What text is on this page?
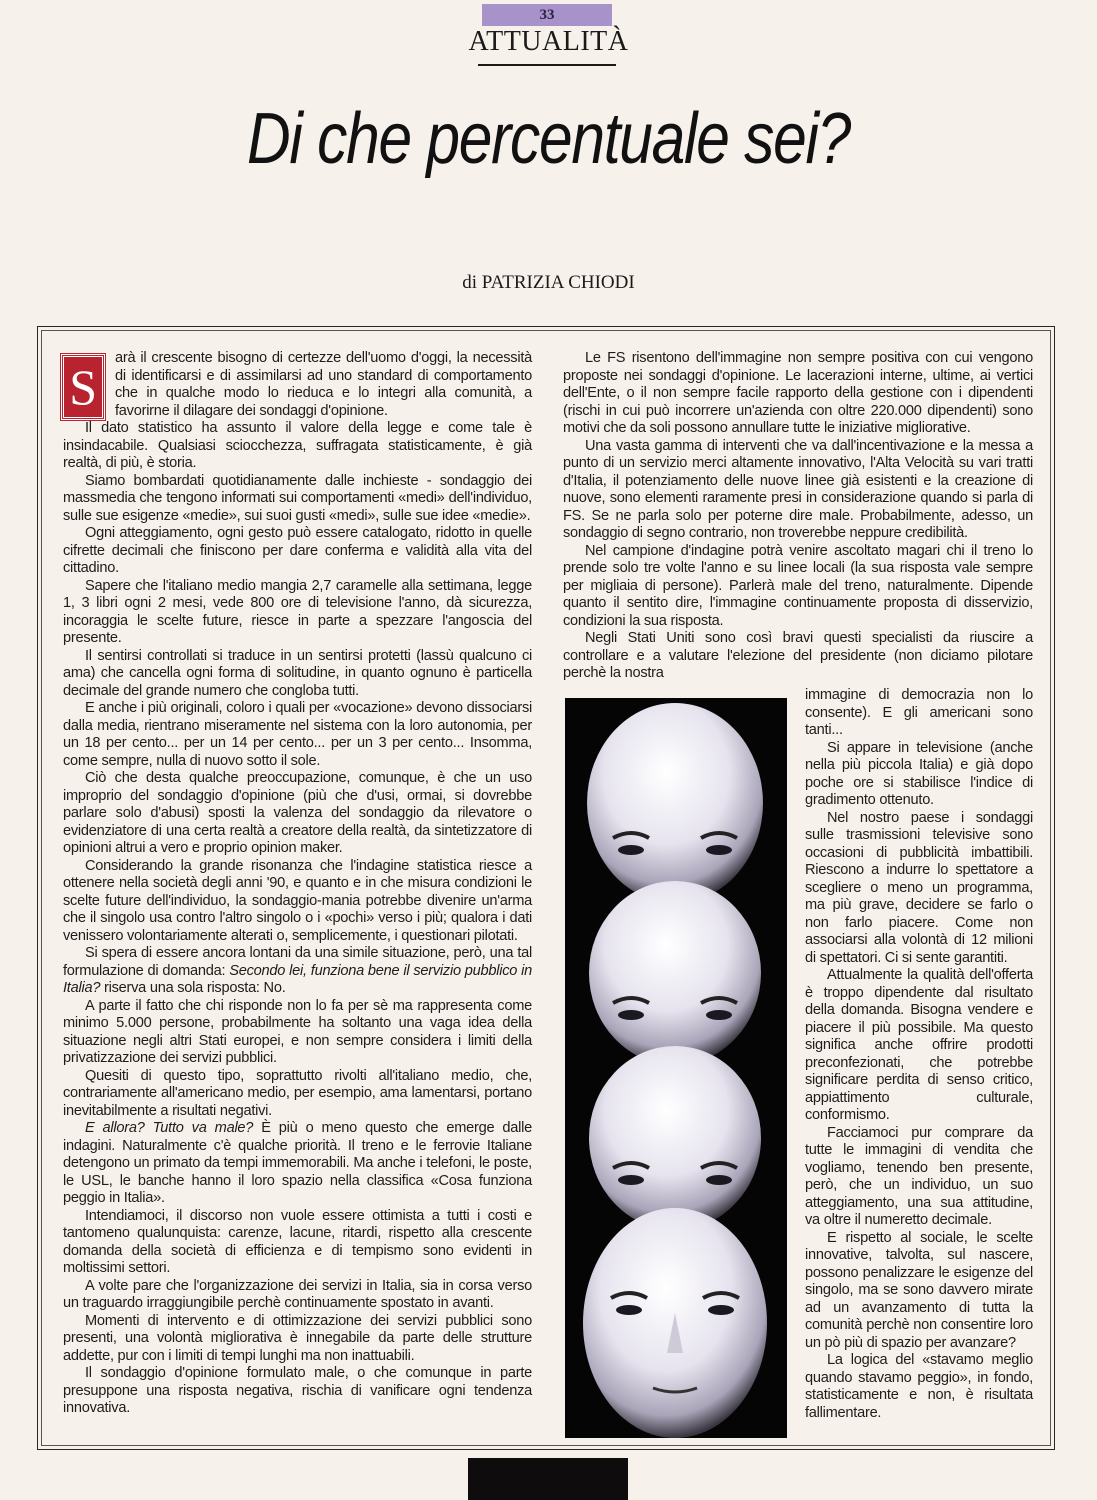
33
ATTUALITÀ
Di che percentuale sei?
di PATRIZIA CHIODI

S
arà il crescente bisogno di certezze dell'uomo d'oggi, la necessità di identificarsi e di assimilarsi ad uno standard di comportamento che in qualche modo lo rieduca e lo integri alla comunità, a favorirne il dilagare dei sondaggi d'opinione.

Il dato statistico ha assunto il valore della legge e come tale è insindacabile. Qualsiasi sciocchezza, suffragata statisticamente, è già realtà, di più, è storia.

Siamo bombardati quotidianamente dalle inchieste - sondaggio dei massmedia che tengono informati sui comportamenti «medi» dell'individuo, sulle sue esigenze «medie», sui suoi gusti «medi», sulle sue idee «medie».

Ogni atteggiamento, ogni gesto può essere catalogato, ridotto in quelle cifrette decimali che finiscono per dare conferma e validità alla vita del cittadino.

Sapere che l'italiano medio mangia 2,7 caramelle alla settimana, legge 1, 3 libri ogni 2 mesi, vede 800 ore di televisione l'anno, dà sicurezza, incoraggia le scelte future, riesce in parte a spezzare l'angoscia del presente.

Il sentirsi controllati si traduce in un sentirsi protetti (lassù qualcuno ci ama) che cancella ogni forma di solitudine, in quanto ognuno è particella decimale del grande numero che congloba tutti.

E anche i più originali, coloro i quali per «vocazione» devono dissociarsi dalla media, rientrano miseramente nel sistema con la loro autonomia, per un 18 per cento... per un 14 per cento... per un 3 per cento... Insomma, come sempre, nulla di nuovo sotto il sole.

Ciò che desta qualche preoccupazione, comunque, è che un uso improprio del sondaggio d'opinione (più che d'usi, ormai, si dovrebbe parlare solo d'abusi) sposti la valenza del sondaggio da rilevatore o evidenziatore di una certa realtà a creatore della realtà, da sintetizzatore di opinioni altrui a vero e proprio opinion maker.

Considerando la grande risonanza che l'indagine statistica riesce a ottenere nella società degli anni '90, e quanto e in che misura condizioni le scelte future dell'individuo, la sondaggio-mania potrebbe divenire un'arma che il singolo usa contro l'altro singolo o i «pochi» verso i più; qualora i dati venissero volontariamente alterati o, semplicemente, i questionari pilotati.

Si spera di essere ancora lontani da una simile situazione, però, una tal formulazione di domanda: Secondo lei, funziona bene il servizio pubblico in Italia? riserva una sola risposta: No.

A parte il fatto che chi risponde non lo fa per sè ma rappresenta come minimo 5.000 persone, probabilmente ha soltanto una vaga idea della situazione negli altri Stati europei, e non sempre considera i limiti della privatizzazione dei servizi pubblici.

Quesiti di questo tipo, soprattutto rivolti all'italiano medio, che, contrariamente all'americano medio, per esempio, ama lamentarsi, portano inevitabilmente a risultati negativi.

E allora? Tutto va male? È più o meno questo che emerge dalle indagini. Naturalmente c'è qualche priorità. Il treno e le ferrovie Italiane detengono un primato da tempi immemorabili. Ma anche i telefoni, le poste, le USL, le banche hanno il loro spazio nella classifica «Cosa funziona peggio in Italia».

Intendiamoci, il discorso non vuole essere ottimista a tutti i costi e tantomeno qualunquista: carenze, lacune, ritardi, rispetto alla crescente domanda della società di efficienza e di tempismo sono evidenti in moltissimi settori.

A volte pare che l'organizzazione dei servizi in Italia, sia in corsa verso un traguardo irraggiungibile perchè continuamente spostato in avanti.

Momenti di intervento e di ottimizzazione dei servizi pubblici sono presenti, una volontà migliorativa è innegabile da parte delle strutture addette, pur con i limiti di tempi lunghi ma non inattuabili.

Il sondaggio d'opinione formulato male, o che comunque in parte presuppone una risposta negativa, rischia di vanificare ogni tendenza innovativa.

Le FS risentono dell'immagine non sempre positiva con cui vengono proposte nei sondaggi d'opinione. Le lacerazioni interne, ultime, ai vertici dell'Ente, o il non sempre facile rapporto della gestione con i dipendenti (rischi in cui può incorrere un'azienda con oltre 220.000 dipendenti) sono motivi che da soli possono annullare tutte le iniziative migliorative.

Una vasta gamma di interventi che va dall'incentivazione e la messa a punto di un servizio merci altamente innovativo, l'Alta Velocità su vari tratti d'Italia, il potenziamento delle nuove linee già esistenti e la creazione di nuove, sono elementi raramente presi in considerazione quando si parla di FS. Se ne parla solo per poterne dire male. Probabilmente, adesso, un sondaggio di segno contrario, non troverebbe neppure credibilità.

Nel campione d'indagine potrà venire ascoltato magari chi il treno lo prende solo tre volte l'anno e su linee locali (la sua risposta vale sempre per migliaia di persone). Parlerà male del treno, naturalmente. Dipende quanto il sentito dire, l'immagine continuamente proposta di disservizio, condizioni la sua risposta.

Negli Stati Uniti sono così bravi questi specialisti da riuscire a controllare e a valutare l'elezione del presidente (non diciamo pilotare perchè la nostra

immagine di democrazia non lo consente). E gli americani sono tanti...

Si appare in televisione (anche nella più piccola Italia) e già dopo poche ore si stabilisce l'indice di gradimento ottenuto.

Nel nostro paese i sondaggi sulle trasmissioni televisive sono occasioni di pubblicità imbattibili. Riescono a indurre lo spettatore a scegliere o meno un programma, ma più grave, decidere se farlo o non farlo piacere. Come non associarsi alla volontà di 12 milioni di spettatori. Ci si sente garantiti.

Attualmente la qualità dell'offerta è troppo dipendente dal risultato della domanda. Bisogna vendere e piacere il più possibile. Ma questo significa anche offrire prodotti preconfezionati, che potrebbe significare perdita di senso critico, appiattimento culturale, conformismo.

Facciamoci pur comprare da tutte le immagini di vendita che vogliamo, tenendo ben presente, però, che un individuo, un suo atteggiamento, una sua attitudine, va oltre il numeretto decimale.

E rispetto al sociale, le scelte innovative, talvolta, sul nascere, possono penalizzare le esigenze del singolo, ma se sono davvero mirate ad un avanzamento di tutta la comunità perchè non consentire loro un pò più di spazio per avanzare?

La logica del «stavamo meglio quando stavamo peggio», in fondo, statisticamente e non, è risultata fallimentare.
